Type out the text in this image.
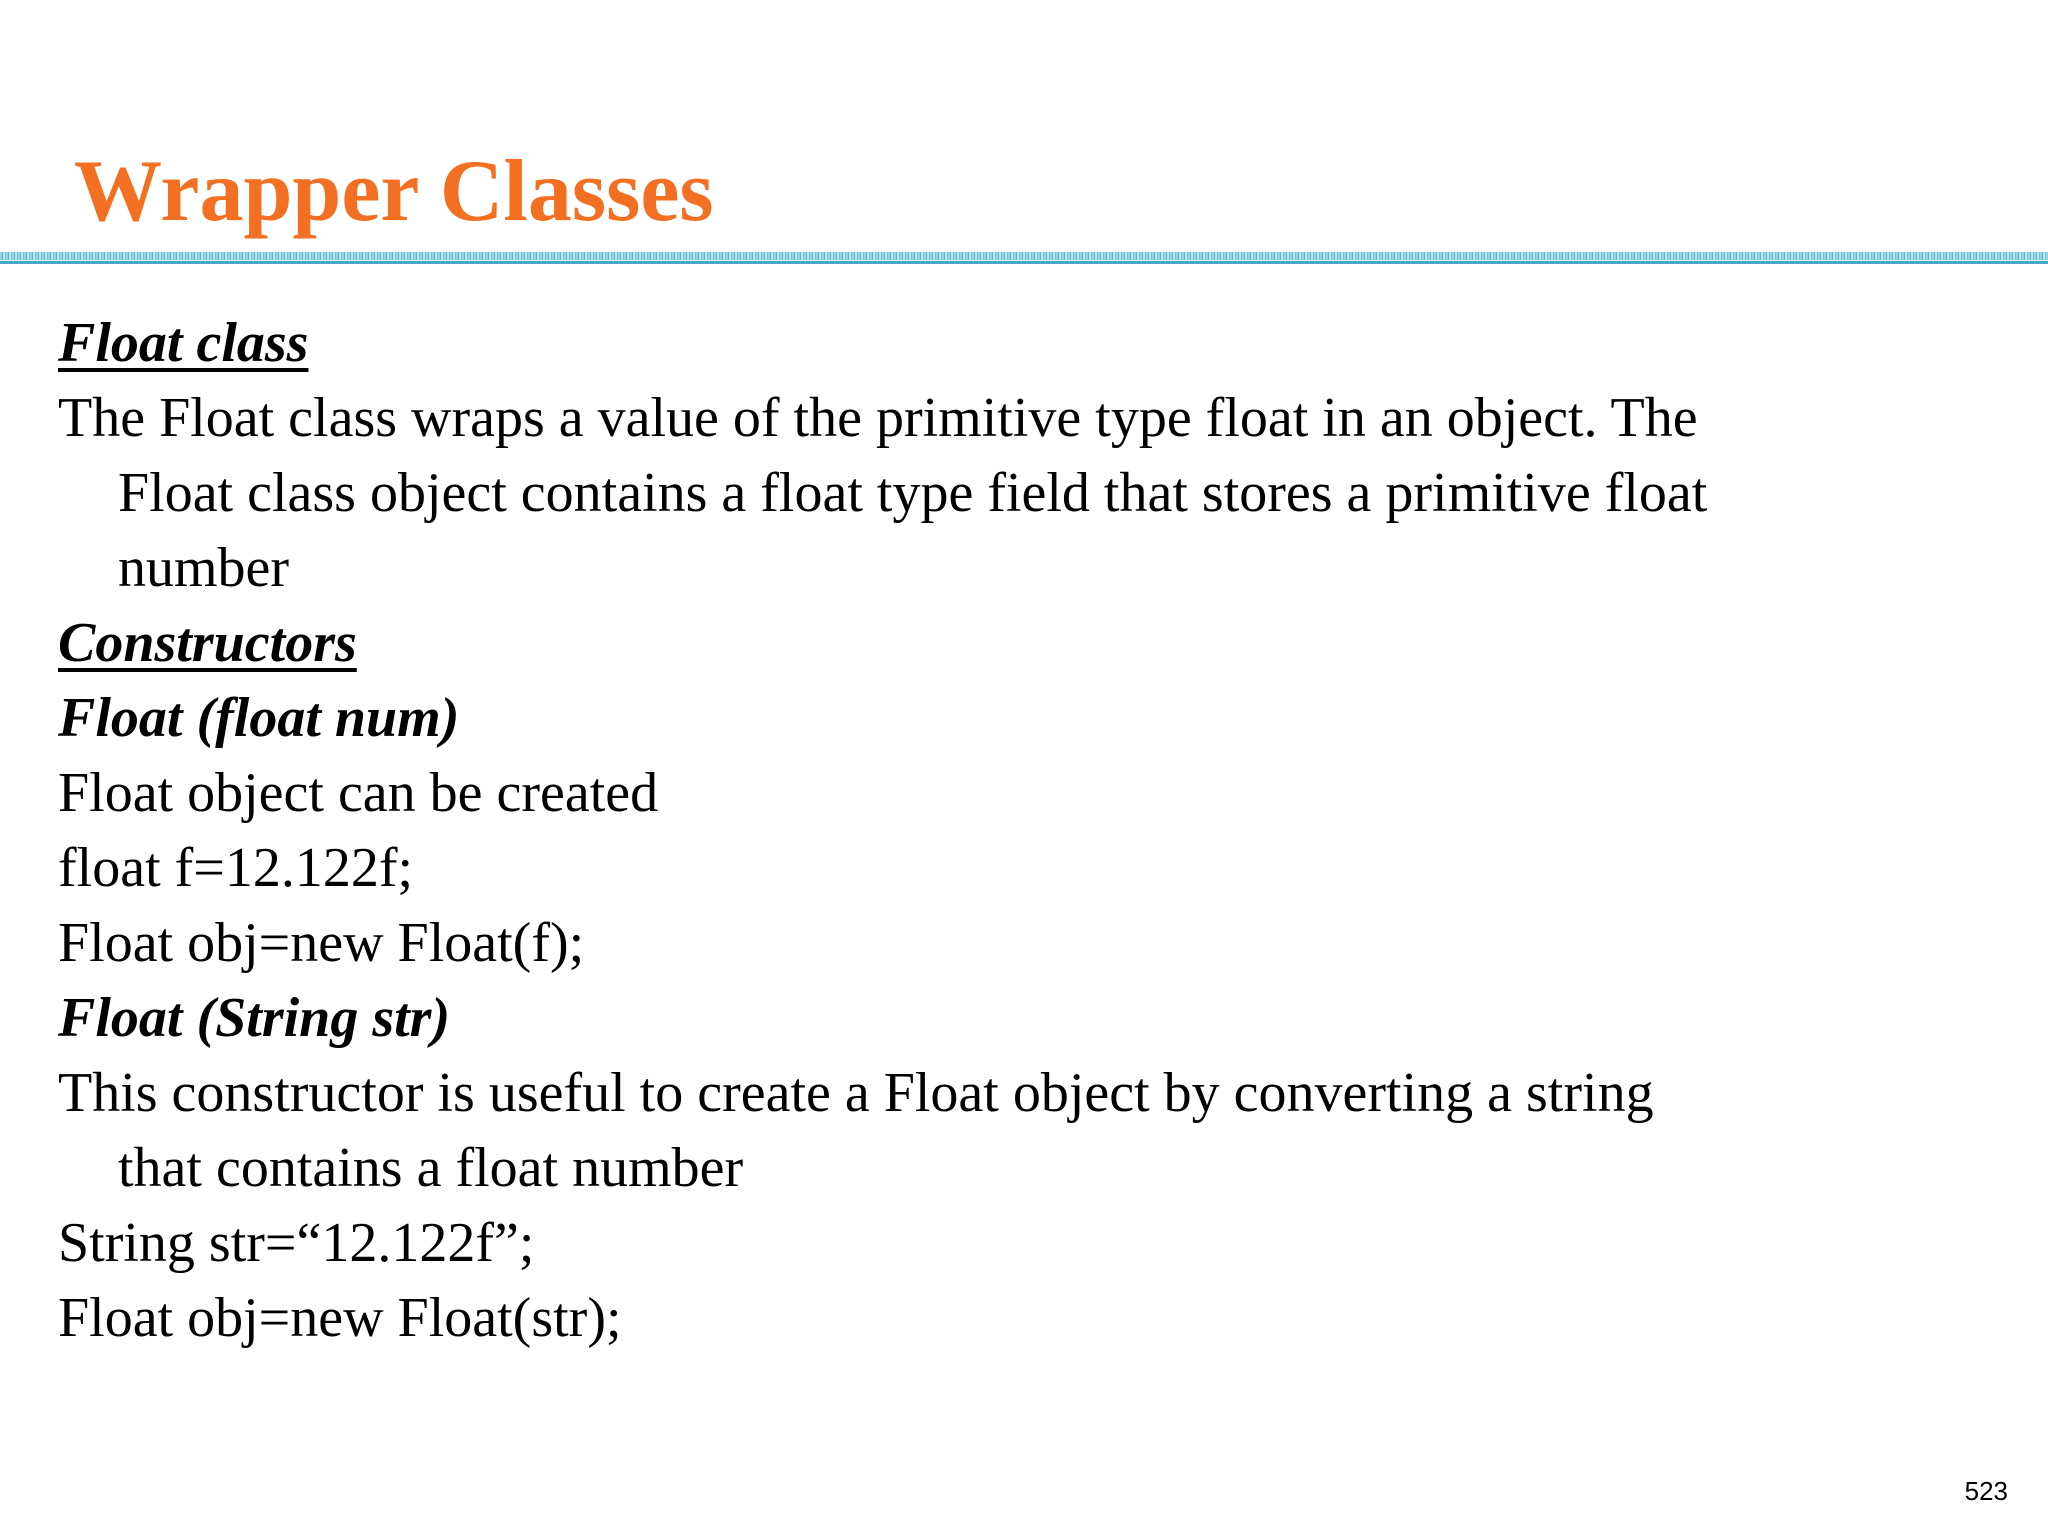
Wrapper Classes

Float class

The Float class wraps a value of the primitive type float in an object. The

Float class object contains a float type field that stores a primitive float

number

Constructors

Float (float num)

Float object can be created

float f=12.122f;

Float obj=new Float(f);

Float (String str)

This constructor is useful to create a Float object by converting a string

that contains a float number

String str=“12.122f”;

Float obj=new Float(str);

523
